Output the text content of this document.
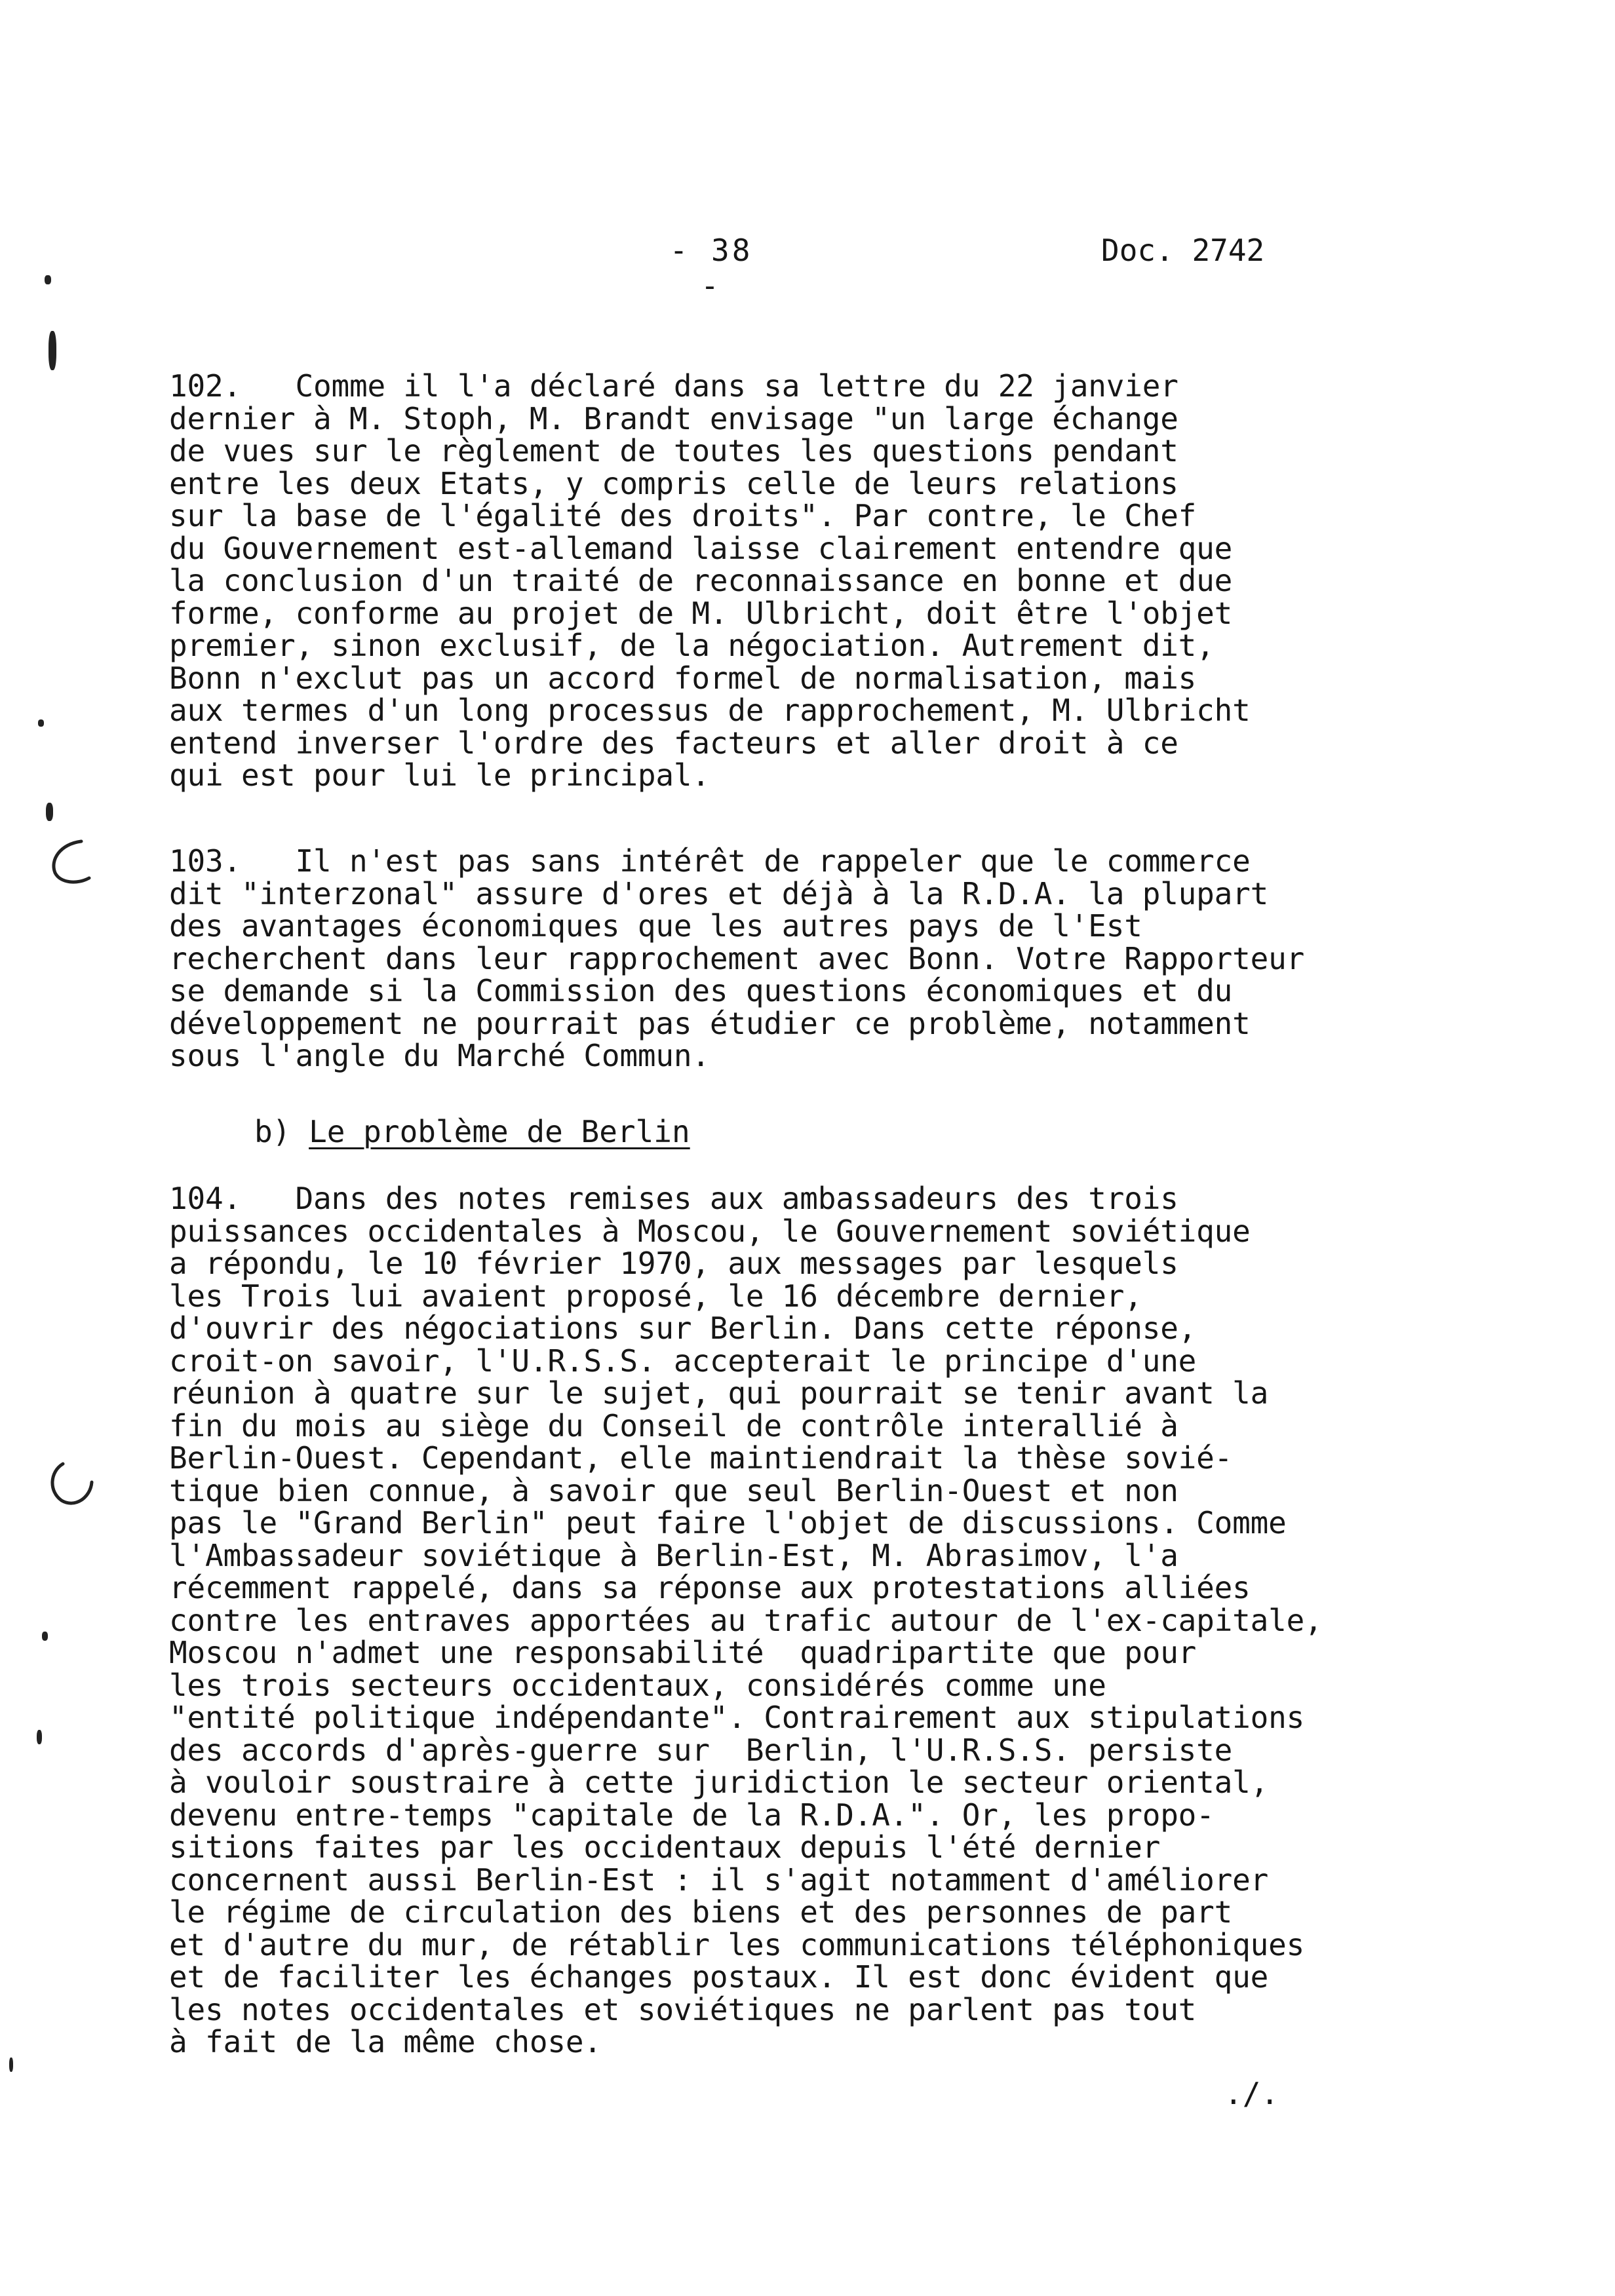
- 38 -
Doc. 2742
102.   Comme il l'a déclaré dans sa lettre du 22 janvier
dernier à M. Stoph, M. Brandt envisage "un large échange
de vues sur le règlement de toutes les questions pendant
entre les deux Etats, y compris celle de leurs relations
sur la base de l'égalité des droits". Par contre, le Chef
du Gouvernement est-allemand laisse clairement entendre que
la conclusion d'un traité de reconnaissance en bonne et due
forme, conforme au projet de M. Ulbricht, doit être l'objet
premier, sinon exclusif, de la négociation. Autrement dit,
Bonn n'exclut pas un accord formel de normalisation, mais
aux termes d'un long processus de rapprochement, M. Ulbricht
entend inverser l'ordre des facteurs et aller droit à ce
qui est pour lui le principal.
103.   Il n'est pas sans intérêt de rappeler que le commerce
dit "interzonal" assure d'ores et déjà à la R.D.A. la plupart
des avantages économiques que les autres pays de l'Est
recherchent dans leur rapprochement avec Bonn. Votre Rapporteur
se demande si la Commission des questions économiques et du
développement ne pourrait pas étudier ce problème, notamment
sous l'angle du Marché Commun.
b) Le problème de Berlin
104.   Dans des notes remises aux ambassadeurs des trois
puissances occidentales à Moscou, le Gouvernement soviétique
a répondu, le 10 février 1970, aux messages par lesquels
les Trois lui avaient proposé, le 16 décembre dernier,
d'ouvrir des négociations sur Berlin. Dans cette réponse,
croit-on savoir, l'U.R.S.S. accepterait le principe d'une
réunion à quatre sur le sujet, qui pourrait se tenir avant la
fin du mois au siège du Conseil de contrôle interallié à
Berlin-Ouest. Cependant, elle maintiendrait la thèse sovié-
tique bien connue, à savoir que seul Berlin-Ouest et non
pas le "Grand Berlin" peut faire l'objet de discussions. Comme
l'Ambassadeur soviétique à Berlin-Est, M. Abrasimov, l'a
récemment rappelé, dans sa réponse aux protestations alliées
contre les entraves apportées au trafic autour de l'ex-capitale,
Moscou n'admet une responsabilité  quadripartite que pour
les trois secteurs occidentaux, considérés comme une
"entité politique indépendante". Contrairement aux stipulations
des accords d'après-guerre sur  Berlin, l'U.R.S.S. persiste
à vouloir soustraire à cette juridiction le secteur oriental,
devenu entre-temps "capitale de la R.D.A.". Or, les propo-
sitions faites par les occidentaux depuis l'été dernier
concernent aussi Berlin-Est : il s'agit notamment d'améliorer
le régime de circulation des biens et des personnes de part
et d'autre du mur, de rétablir les communications téléphoniques
et de faciliter les échanges postaux. Il est donc évident que
les notes occidentales et soviétiques ne parlent pas tout
à fait de la même chose.
./.
